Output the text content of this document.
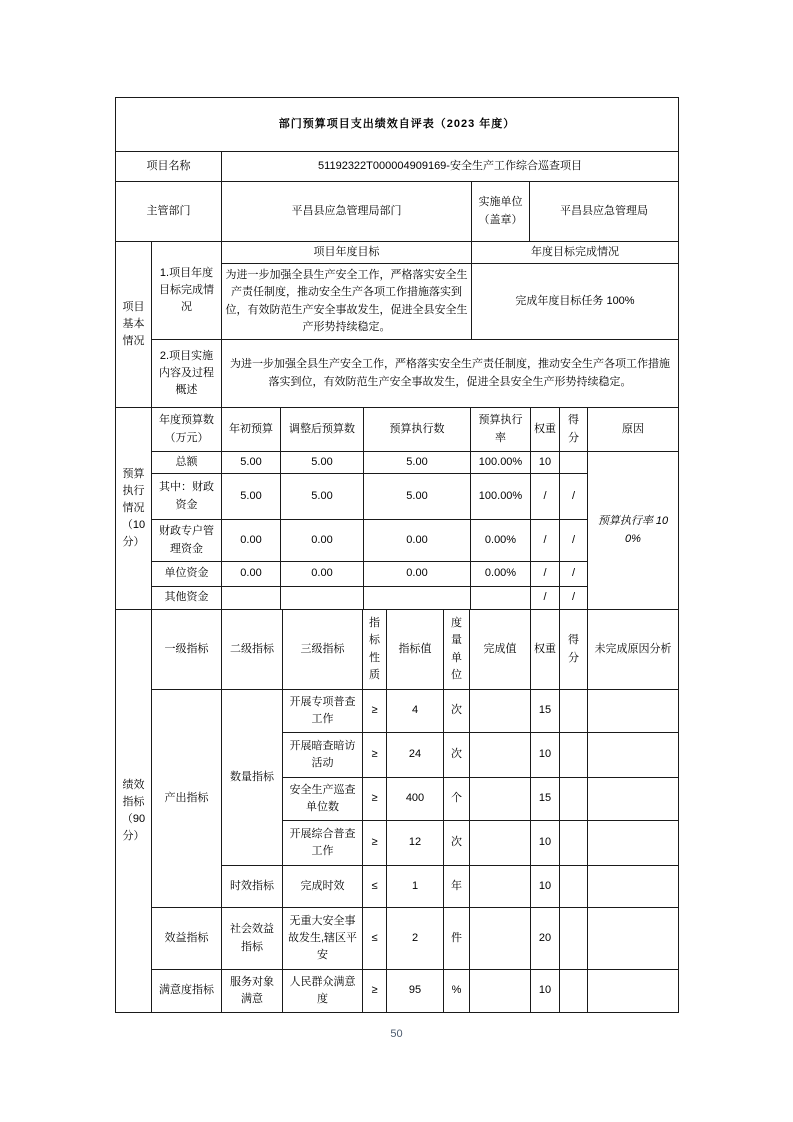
部门预算项目支出绩效自评表（2023 年度）			
项目名称	51192322T000004909169-安全生产工作综合巡查项目		
主管部门	平昌县应急管理局部门	实施单位 （盖章）	平昌县应急管理局
项目基本情况	1.项目年度目标完成情况	项目年度目标	年度目标完成情况
		为进一步加强全县生产安全工作，严格落实安全生产责任制度，推动安全生产各项工作措施落实到位，有效防范生产安全事故发生，促进全县安全生产形势持续稳定。	完成年度目标任务 100%
	2.项目实施内容及过程概述	为进一步加强全县生产安全工作，严格落实安全生产责任制度，推动安全生产各项工作措施落实到位，有效防范生产安全事故发生，促进全县安全生产形势持续稳定。	
预算执行情况（10分）	年度预算数（万元）	年初预算	调整后预算数	预算执行数	预算执行率	权重	得分	原因
	总额	5.00	5.00	5.00	100.00%	10		预算执行率 100%
	其中：财政资金	5.00	5.00	5.00	100.00%	/	/	
	财政专户管理资金	0.00	0.00	0.00	0.00%	/	/	
	单位资金	0.00	0.00	0.00	0.00%	/	/	
	其他资金					/	/	
绩效指标（90分）	一级指标	二级指标	三级指标	指标性质	指标值	度量单位	完成值	权重	得分	未完成原因分析
	产出指标	数量指标	开展专项普查工作	≥	4	次		15		
			开展暗查暗访活动	≥	24	次		10		
			安全生产巡查单位数	≥	400	个		15		
			开展综合普查工作	≥	12	次		10		
		时效指标	完成时效	≤	1	年		10		
	效益指标	社会效益指标	无重大安全事故发生,辖区平安	≤	2	件		20		
	满意度指标	服务对象满意	人民群众满意度	≥	95	%		10		
50
